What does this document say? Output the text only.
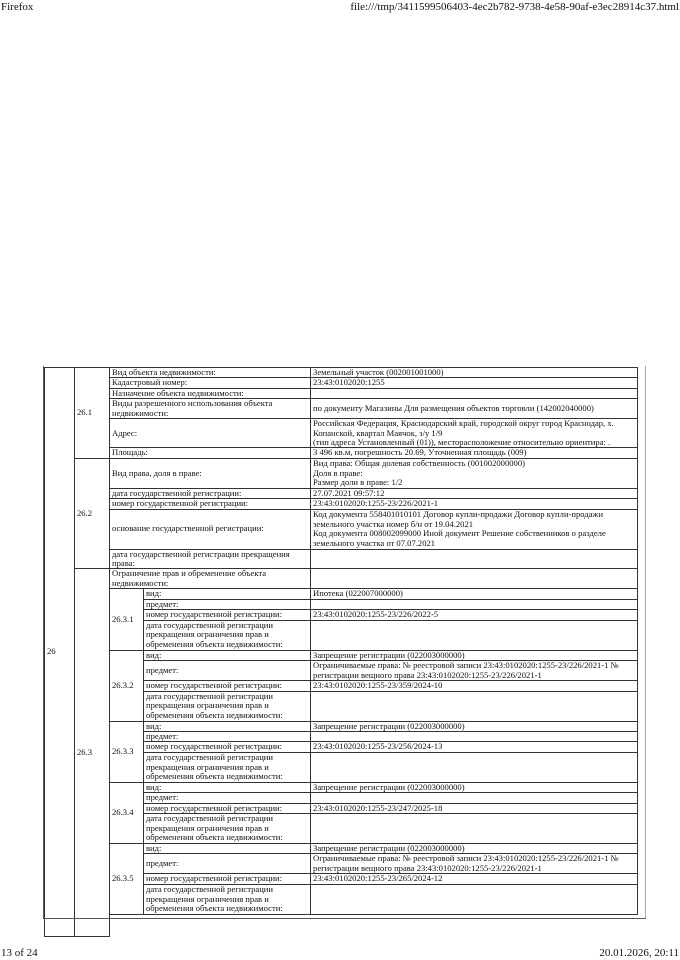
Firefox	file:///tmp/3411599506403-4ec2b782-9738-4e58-90af-e3ec28914c37.html
26	26.1	Вид объекта недвижимости:		Земельный участок (002001001000)
		Кадастровый номер:		23:43:0102020:1255
		Назначение объекта недвижимости:		
		Виды разрешенного использования объекта недвижимости:		по документу Магазины Для размещения объектов торговли (142002040000)
		Адрес:		Российская Федерация, Краснодарский край, городской округ город Краснодар, х. Копанской, квартал Маячок, з/у 1/9
(тип адреса Установленный (01)), месторасположение относительно ориентира: .
		Площадь:		3 496 кв.м, погрешность 20.69, Уточненная площадь (009)
	26.2	Вид права, доля в праве:		Вид права: Общая долевая собственность (001002000000)
Доля в праве:
Размер доли в праве: 1/2
		дата государственной регистрации:		27.07.2021 09:57:12
		номер государственной регистрации:		23:43:0102020:1255-23/226/2021-1
		основание государственной регистрации:		Код документа 558401010101 Договор купли-продажи Договор купли-продажи земельного участка номер б/н от 19.04.2021
Код документа 008002099000 Иной документ Решение собственников о разделе земельного участка от 07.07.2021
		дата государственной регистрации прекращения права:		
	26.3	Ограничение прав и обременение объекта недвижимости:		
		26.3.1	вид:	Ипотека (022007000000)
			предмет:	
			номер государственной регистрации:	23:43:0102020:1255-23/226/2022-5
			дата государственной регистрации прекращения ограничения прав и обременения объекта недвижимости:	
		26.3.2	вид:	Запрещение регистрации (022003000000)
			предмет:	Ограничиваемые права: № реестровой записи 23:43:0102020:1255-23/226/2021-1 № регистрации вещного права 23:43:0102020:1255-23/226/2021-1
			номер государственной регистрации:	23:43:0102020:1255-23/359/2024-10
			дата государственной регистрации прекращения ограничения прав и обременения объекта недвижимости:	
		26.3.3	вид:	Запрещение регистрации (022003000000)
			предмет:	
			номер государственной регистрации:	23:43:0102020:1255-23/256/2024-13
			дата государственной регистрации прекращения ограничения прав и обременения объекта недвижимости:	
		26.3.4	вид:	Запрещение регистрации (022003000000)
			предмет:	
			номер государственной регистрации:	23:43:0102020:1255-23/247/2025-18
			дата государственной регистрации прекращения ограничения прав и обременения объекта недвижимости:	
		26.3.5	вид:	Запрещение регистрации (022003000000)
			предмет:	Ограничиваемые права: № реестровой записи 23:43:0102020:1255-23/226/2021-1 № регистрации вещного права 23:43:0102020:1255-23/226/2021-1
			номер государственной регистрации:	23:43:0102020:1255-23/265/2024-12
			дата государственной регистрации прекращения ограничения прав и обременения объекта недвижимости:	

13 of 24	20.01.2026, 20:11
